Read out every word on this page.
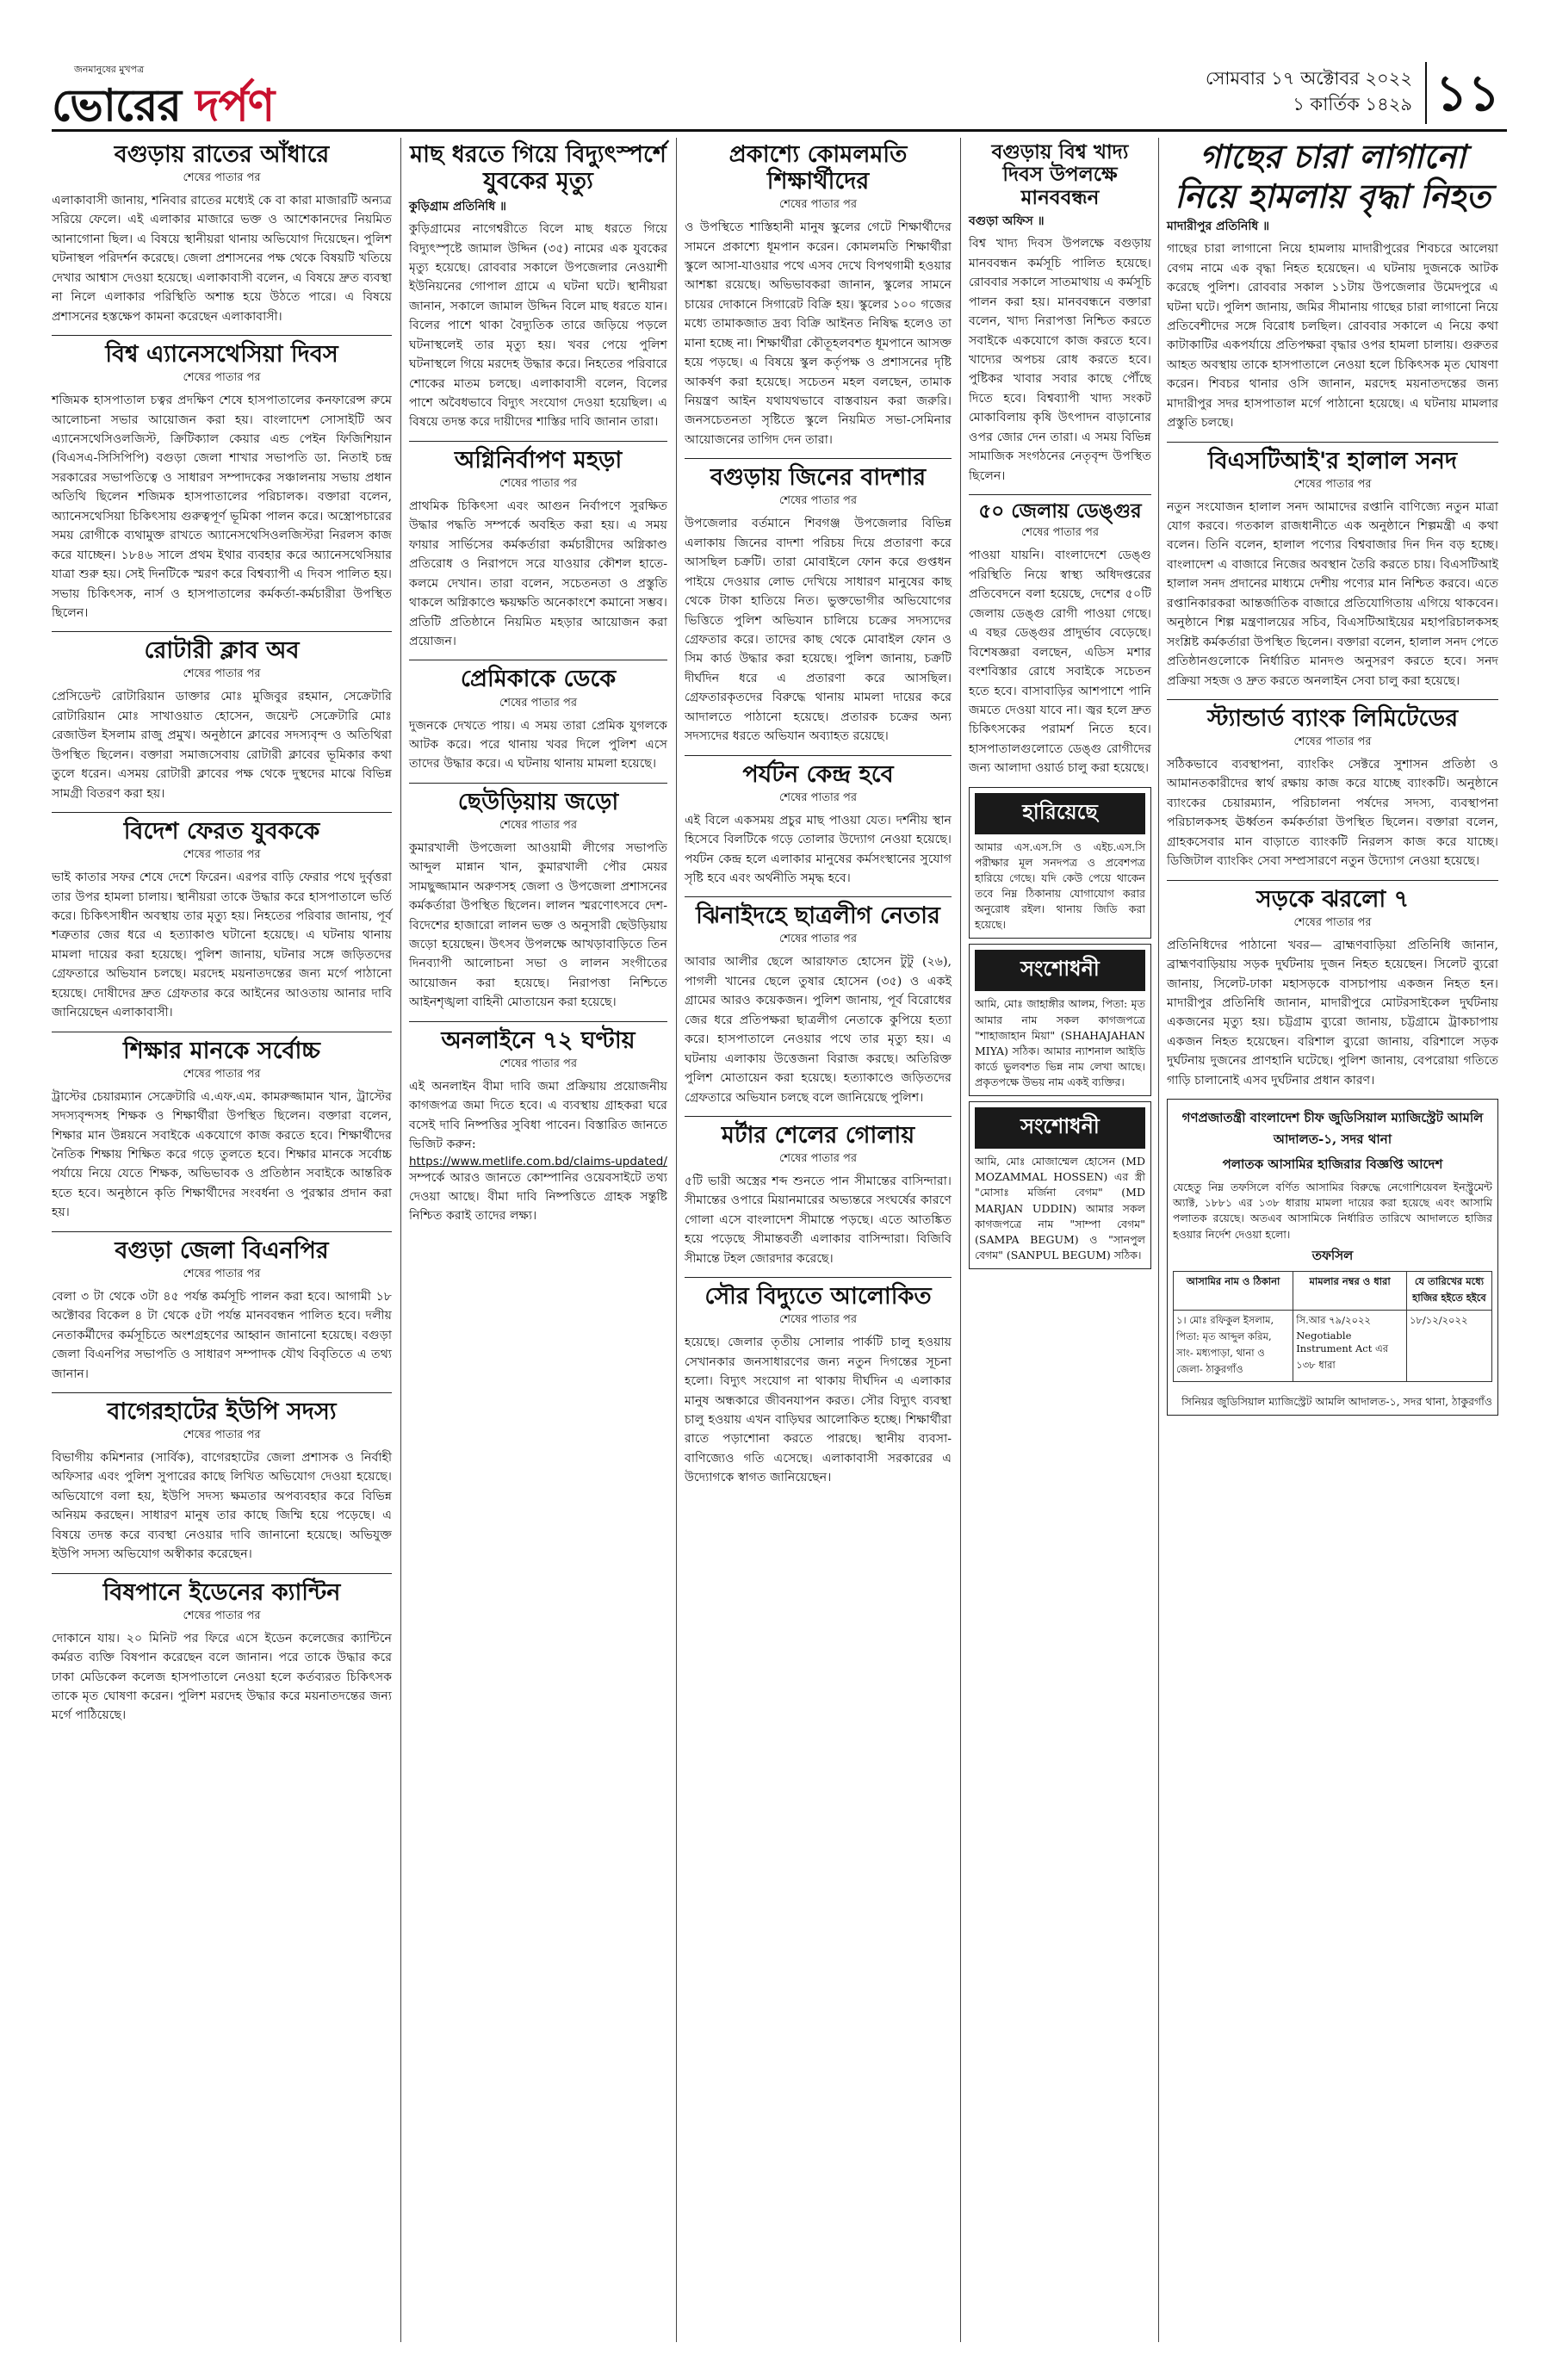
জনমানুষের মুখপত্র
ভোরের দর্পণ
সোমবার ১৭ অক্টোবর ২০২২
১ কার্তিক ১৪২৯ ১১
বগুড়ায় রাতের আঁধারে
শেষের পাতার পর

এলাকাবাসী জানায়, শনিবার রাতের মধ্যেই কে বা কারা মাজারটি অন্যত্র সরিয়ে ফেলে। এই এলাকার মাজারে ভক্ত ও আশেকানদের নিয়মিত আনাগোনা ছিল। এ বিষয়ে স্থানীয়রা থানায় অভিযোগ দিয়েছেন। পুলিশ ঘটনাস্থল পরিদর্শন করেছে। জেলা প্রশাসনের পক্ষ থেকে বিষয়টি খতিয়ে দেখার আশ্বাস দেওয়া হয়েছে। এলাকাবাসী বলেন, এ বিষয়ে দ্রুত ব্যবস্থা না নিলে এলাকার পরিস্থিতি অশান্ত হয়ে উঠতে পারে। এ বিষয়ে প্রশাসনের হস্তক্ষেপ কামনা করেছেন এলাকাবাসী।

বিশ্ব এ্যানেসথেসিয়া দিবস
শেষের পাতার পর

শজিমক হাসপাতাল চত্বর প্রদক্ষিণ শেষে হাসপাতালের কনফারেন্স রুমে আলোচনা সভার আয়োজন করা হয়। বাংলাদেশ সোসাইটি অব এ্যানেসথেসিওলজিস্ট, ক্রিটিক্যাল কেয়ার এন্ড পেইন ফিজিশিয়ান (বিএসএ-সিসিপিপি) বগুড়া জেলা শাখার সভাপতি ডা. নিতাই চন্দ্র সরকারের সভাপতিত্বে ও সাধারণ সম্পাদকের সঞ্চালনায় সভায় প্রধান অতিথি ছিলেন শজিমক হাসপাতালের পরিচালক। বক্তারা বলেন, অ্যানেসথেসিয়া চিকিৎসায় গুরুত্বপূর্ণ ভূমিকা পালন করে। অস্ত্রোপচারের সময় রোগীকে ব্যথামুক্ত রাখতে অ্যানেসথেসিওলজিস্টরা নিরলস কাজ করে যাচ্ছেন। ১৮৪৬ সালে প্রথম ইথার ব্যবহার করে অ্যানেসথেসিয়ার যাত্রা শুরু হয়। সেই দিনটিকে স্মরণ করে বিশ্বব্যাপী এ দিবস পালিত হয়। সভায় চিকিৎসক, নার্স ও হাসপাতালের কর্মকর্তা-কর্মচারীরা উপস্থিত ছিলেন।

রোটারী ক্লাব অব
শেষের পাতার পর

প্রেসিডেন্ট রোটারিয়ান ডাক্তার মোঃ মুজিবুর রহমান, সেক্রেটারি রোটারিয়ান মোঃ সাখাওয়াত হোসেন, জয়েন্ট সেক্রেটারি মোঃ রেজাউল ইসলাম রাজু প্রমুখ। অনুষ্ঠানে ক্লাবের সদস্যবৃন্দ ও অতিথিরা উপস্থিত ছিলেন। বক্তারা সমাজসেবায় রোটারী ক্লাবের ভূমিকার কথা তুলে ধরেন। এসময় রোটারী ক্লাবের পক্ষ থেকে দুস্থদের মাঝে বিভিন্ন সামগ্রী বিতরণ করা হয়।

বিদেশ ফেরত যুবককে
শেষের পাতার পর

ভাই কাতার সফর শেষে দেশে ফিরেন। এরপর বাড়ি ফেরার পথে দুর্বৃত্তরা তার উপর হামলা চালায়। স্থানীয়রা তাকে উদ্ধার করে হাসপাতালে ভর্তি করে। চিকিৎসাধীন অবস্থায় তার মৃত্যু হয়। নিহতের পরিবার জানায়, পূর্ব শত্রুতার জের ধরে এ হত্যাকাণ্ড ঘটানো হয়েছে। এ ঘটনায় থানায় মামলা দায়ের করা হয়েছে। পুলিশ জানায়, ঘটনার সঙ্গে জড়িতদের গ্রেফতারে অভিযান চলছে। মরদেহ ময়নাতদন্তের জন্য মর্গে পাঠানো হয়েছে। দোষীদের দ্রুত গ্রেফতার করে আইনের আওতায় আনার দাবি জানিয়েছেন এলাকাবাসী।

শিক্ষার মানকে সর্বোচ্চ
শেষের পাতার পর

ট্রাস্টের চেয়ারম্যান সেক্রেটারি এ.এফ.এম. কামরুজ্জামান খান, ট্রাস্টের সদস্যবৃন্দসহ শিক্ষক ও শিক্ষার্থীরা উপস্থিত ছিলেন। বক্তারা বলেন, শিক্ষার মান উন্নয়নে সবাইকে একযোগে কাজ করতে হবে। শিক্ষার্থীদের নৈতিক শিক্ষায় শিক্ষিত করে গড়ে তুলতে হবে। শিক্ষার মানকে সর্বোচ্চ পর্যায়ে নিয়ে যেতে শিক্ষক, অভিভাবক ও প্রতিষ্ঠান সবাইকে আন্তরিক হতে হবে। অনুষ্ঠানে কৃতি শিক্ষার্থীদের সংবর্ধনা ও পুরস্কার প্রদান করা হয়।

বগুড়া জেলা বিএনপির
শেষের পাতার পর

বেলা ৩ টা থেকে ৩টা ৪৫ পর্যন্ত কর্মসূচি পালন করা হবে। আগামী ১৮ অক্টোবর বিকেল ৪ টা থেকে ৫টা পর্যন্ত মানববন্ধন পালিত হবে। দলীয় নেতাকর্মীদের কর্মসূচিতে অংশগ্রহণের আহ্বান জানানো হয়েছে। বগুড়া জেলা বিএনপির সভাপতি ও সাধারণ সম্পাদক যৌথ বিবৃতিতে এ তথ্য জানান।

বাগেরহাটের ইউপি সদস্য
শেষের পাতার পর

বিভাগীয় কমিশনার (সার্বিক), বাগেরহাটের জেলা প্রশাসক ও নির্বাহী অফিসার এবং পুলিশ সুপারের কাছে লিখিত অভিযোগ দেওয়া হয়েছে। অভিযোগে বলা হয়, ইউপি সদস্য ক্ষমতার অপব্যবহার করে বিভিন্ন অনিয়ম করছেন। সাধারণ মানুষ তার কাছে জিম্মি হয়ে পড়েছে। এ বিষয়ে তদন্ত করে ব্যবস্থা নেওয়ার দাবি জানানো হয়েছে। অভিযুক্ত ইউপি সদস্য অভিযোগ অস্বীকার করেছেন।

বিষপানে ইডেনের ক্যান্টিন
শেষের পাতার পর

দোকানে যায়। ২০ মিনিট পর ফিরে এসে ইডেন কলেজের ক্যান্টিনে কর্মরত ব্যক্তি বিষপান করেছেন বলে জানান। পরে তাকে উদ্ধার করে ঢাকা মেডিকেল কলেজ হাসপাতালে নেওয়া হলে কর্তব্যরত চিকিৎসক তাকে মৃত ঘোষণা করেন। পুলিশ মরদেহ উদ্ধার করে ময়নাতদন্তের জন্য মর্গে পাঠিয়েছে।

মাছ ধরতে গিয়ে বিদ্যুৎস্পর্শে যুবকের মৃত্যু
কুড়িগ্রাম প্রতিনিধি ॥

কুড়িগ্রামের নাগেশ্বরীতে বিলে মাছ ধরতে গিয়ে বিদ্যুৎস্পৃষ্টে জামাল উদ্দিন (৩৫) নামের এক যুবকের মৃত্যু হয়েছে। রোববার সকালে উপজেলার নেওয়াশী ইউনিয়নের গোপাল গ্রামে এ ঘটনা ঘটে। স্থানীয়রা জানান, সকালে জামাল উদ্দিন বিলে মাছ ধরতে যান। বিলের পাশে থাকা বৈদ্যুতিক তারে জড়িয়ে পড়লে ঘটনাস্থলেই তার মৃত্যু হয়। খবর পেয়ে পুলিশ ঘটনাস্থলে গিয়ে মরদেহ উদ্ধার করে। নিহতের পরিবারে শোকের মাতম চলছে। এলাকাবাসী বলেন, বিলের পাশে অবৈধভাবে বিদ্যুৎ সংযোগ দেওয়া হয়েছিল। এ বিষয়ে তদন্ত করে দায়ীদের শাস্তির দাবি জানান তারা।

অগ্নিনির্বাপণ মহড়া
শেষের পাতার পর

প্রাথমিক চিকিৎসা এবং আগুন নির্বাপণে সুরক্ষিত উদ্ধার পদ্ধতি সম্পর্কে অবহিত করা হয়। এ সময় ফায়ার সার্ভিসের কর্মকর্তারা কর্মচারীদের অগ্নিকাণ্ড প্রতিরোধ ও নিরাপদে সরে যাওয়ার কৌশল হাতে-কলমে দেখান। তারা বলেন, সচেতনতা ও প্রস্তুতি থাকলে অগ্নিকাণ্ডে ক্ষয়ক্ষতি অনেকাংশে কমানো সম্ভব। প্রতিটি প্রতিষ্ঠানে নিয়মিত মহড়ার আয়োজন করা প্রয়োজন।

প্রেমিকাকে ডেকে
শেষের পাতার পর

দুজনকে দেখতে পায়। এ সময় তারা প্রেমিক যুগলকে আটক করে। পরে থানায় খবর দিলে পুলিশ এসে তাদের উদ্ধার করে। এ ঘটনায় থানায় মামলা হয়েছে।

ছেউড়িয়ায় জড়ো
শেষের পাতার পর

কুমারখালী উপজেলা আওয়ামী লীগের সভাপতি আব্দুল মান্নান খান, কুমারখালী পৌর মেয়র সামছুজ্জামান অরুণসহ জেলা ও উপজেলা প্রশাসনের কর্মকর্তারা উপস্থিত ছিলেন। লালন স্মরণোৎসবে দেশ-বিদেশের হাজারো লালন ভক্ত ও অনুসারী ছেউড়িয়ায় জড়ো হয়েছেন। উৎসব উপলক্ষে আখড়াবাড়িতে তিন দিনব্যাপী আলোচনা সভা ও লালন সংগীতের আয়োজন করা হয়েছে। নিরাপত্তা নিশ্চিতে আইনশৃঙ্খলা বাহিনী মোতায়েন করা হয়েছে।

অনলাইনে ৭২ ঘণ্টায়
শেষের পাতার পর

এই অনলাইন বীমা দাবি জমা প্রক্রিয়ায় প্রয়োজনীয় কাগজপত্র জমা দিতে হবে। এ ব্যবস্থায় গ্রাহকরা ঘরে বসেই দাবি নিষ্পত্তির সুবিধা পাবেন। বিস্তারিত জানতে ভিজিট করুন:

https://www.metlife.com.bd/claims-updated/

সম্পর্কে আরও জানতে কোম্পানির ওয়েবসাইটে তথ্য দেওয়া আছে। বীমা দাবি নিষ্পত্তিতে গ্রাহক সন্তুষ্টি নিশ্চিত করাই তাদের লক্ষ্য।

প্রকাশ্যে কোমলমতি শিক্ষার্থীদের
শেষের পাতার পর

ও উপস্থিতে শাস্তিহানী মানুষ স্কুলের গেটে শিক্ষার্থীদের সামনে প্রকাশ্যে ধূমপান করেন। কোমলমতি শিক্ষার্থীরা স্কুলে আসা-যাওয়ার পথে এসব দেখে বিপথগামী হওয়ার আশঙ্কা রয়েছে। অভিভাবকরা জানান, স্কুলের সামনে চায়ের দোকানে সিগারেট বিক্রি হয়। স্কুলের ১০০ গজের মধ্যে তামাকজাত দ্রব্য বিক্রি আইনত নিষিদ্ধ হলেও তা মানা হচ্ছে না। শিক্ষার্থীরা কৌতূহলবশত ধূমপানে আসক্ত হয়ে পড়ছে। এ বিষয়ে স্কুল কর্তৃপক্ষ ও প্রশাসনের দৃষ্টি আকর্ষণ করা হয়েছে। সচেতন মহল বলছেন, তামাক নিয়ন্ত্রণ আইন যথাযথভাবে বাস্তবায়ন করা জরুরি। জনসচেতনতা সৃষ্টিতে স্কুলে নিয়মিত সভা-সেমিনার আয়োজনের তাগিদ দেন তারা।

বগুড়ায় জিনের বাদশার
শেষের পাতার পর

উপজেলার বর্তমানে শিবগঞ্জ উপজেলার বিভিন্ন এলাকায় জিনের বাদশা পরিচয় দিয়ে প্রতারণা করে আসছিল চক্রটি। তারা মোবাইলে ফোন করে গুপ্তধন পাইয়ে দেওয়ার লোভ দেখিয়ে সাধারণ মানুষের কাছ থেকে টাকা হাতিয়ে নিত। ভুক্তভোগীর অভিযোগের ভিত্তিতে পুলিশ অভিযান চালিয়ে চক্রের সদস্যদের গ্রেফতার করে। তাদের কাছ থেকে মোবাইল ফোন ও সিম কার্ড উদ্ধার করা হয়েছে। পুলিশ জানায়, চক্রটি দীর্ঘদিন ধরে এ প্রতারণা করে আসছিল। গ্রেফতারকৃতদের বিরুদ্ধে থানায় মামলা দায়ের করে আদালতে পাঠানো হয়েছে। প্রতারক চক্রের অন্য সদস্যদের ধরতে অভিযান অব্যাহত রয়েছে।

পর্যটন কেন্দ্র হবে
শেষের পাতার পর

এই বিলে একসময় প্রচুর মাছ পাওয়া যেত। দর্শনীয় স্থান হিসেবে বিলটিকে গড়ে তোলার উদ্যোগ নেওয়া হয়েছে। পর্যটন কেন্দ্র হলে এলাকার মানুষের কর্মসংস্থানের সুযোগ সৃষ্টি হবে এবং অর্থনীতি সমৃদ্ধ হবে।

ঝিনাইদহে ছাত্রলীগ নেতার
শেষের পাতার পর

আবার আলীর ছেলে আরাফাত হোসেন টুটু (২৬), পাগলী খানের ছেলে তুষার হোসেন (৩৫) ও একই গ্রামের আরও কয়েকজন। পুলিশ জানায়, পূর্ব বিরোধের জের ধরে প্রতিপক্ষরা ছাত্রলীগ নেতাকে কুপিয়ে হত্যা করে। হাসপাতালে নেওয়ার পথে তার মৃত্যু হয়। এ ঘটনায় এলাকায় উত্তেজনা বিরাজ করছে। অতিরিক্ত পুলিশ মোতায়েন করা হয়েছে। হত্যাকাণ্ডে জড়িতদের গ্রেফতারে অভিযান চলছে বলে জানিয়েছে পুলিশ।

মর্টার শেলের গোলায়
শেষের পাতার পর

৫টি ভারী অস্ত্রের শব্দ শুনতে পান সীমান্তের বাসিন্দারা। সীমান্তের ওপারে মিয়ানমারের অভ্যন্তরে সংঘর্ষের কারণে গোলা এসে বাংলাদেশ সীমান্তে পড়ছে। এতে আতঙ্কিত হয়ে পড়েছে সীমান্তবর্তী এলাকার বাসিন্দারা। বিজিবি সীমান্তে টহল জোরদার করেছে।

সৌর বিদ্যুতে আলোকিত
শেষের পাতার পর

হয়েছে। জেলার তৃতীয় সোলার পার্কটি চালু হওয়ায় সেখানকার জনসাধারণের জন্য নতুন দিগন্তের সূচনা হলো। বিদ্যুৎ সংযোগ না থাকায় দীর্ঘদিন এ এলাকার মানুষ অন্ধকারে জীবনযাপন করত। সৌর বিদ্যুৎ ব্যবস্থা চালু হওয়ায় এখন বাড়িঘর আলোকিত হচ্ছে। শিক্ষার্থীরা রাতে পড়াশোনা করতে পারছে। স্থানীয় ব্যবসা-বাণিজ্যেও গতি এসেছে। এলাকাবাসী সরকারের এ উদ্যোগকে স্বাগত জানিয়েছেন।

বগুড়ায় বিশ্ব খাদ্য দিবস উপলক্ষে মানববন্ধন
বগুড়া অফিস ॥

বিশ্ব খাদ্য দিবস উপলক্ষে বগুড়ায় মানববন্ধন কর্মসূচি পালিত হয়েছে। রোববার সকালে সাতমাথায় এ কর্মসূচি পালন করা হয়। মানববন্ধনে বক্তারা বলেন, খাদ্য নিরাপত্তা নিশ্চিত করতে সবাইকে একযোগে কাজ করতে হবে। খাদ্যের অপচয় রোধ করতে হবে। পুষ্টিকর খাবার সবার কাছে পৌঁছে দিতে হবে। বিশ্বব্যাপী খাদ্য সংকট মোকাবিলায় কৃষি উৎপাদন বাড়ানোর ওপর জোর দেন তারা। এ সময় বিভিন্ন সামাজিক সংগঠনের নেতৃবৃন্দ উপস্থিত ছিলেন।

৫০ জেলায় ডেঙ্গুর
শেষের পাতার পর

পাওয়া যায়নি। বাংলাদেশে ডেঙ্গু পরিস্থিতি নিয়ে স্বাস্থ্য অধিদপ্তরের প্রতিবেদনে বলা হয়েছে, দেশের ৫০টি জেলায় ডেঙ্গু রোগী পাওয়া গেছে। এ বছর ডেঙ্গুর প্রাদুর্ভাব বেড়েছে। বিশেষজ্ঞরা বলছেন, এডিস মশার বংশবিস্তার রোধে সবাইকে সচেতন হতে হবে। বাসাবাড়ির আশপাশে পানি জমতে দেওয়া যাবে না। জ্বর হলে দ্রুত চিকিৎসকের পরামর্শ নিতে হবে। হাসপাতালগুলোতে ডেঙ্গু রোগীদের জন্য আলাদা ওয়ার্ড চালু করা হয়েছে।

হারিয়েছে

আমার এস.এস.সি ও এইচ.এস.সি পরীক্ষার মূল সনদপত্র ও প্রবেশপত্র হারিয়ে গেছে। যদি কেউ পেয়ে থাকেন তবে নিম্ন ঠিকানায় যোগাযোগ করার অনুরোধ রইল। থানায় জিডি করা হয়েছে।

সংশোধনী

আমি, মোঃ জাহাঙ্গীর আলম, পিতা: মৃত আমার নাম সকল কাগজপত্রে "শাহাজাহান মিয়া" (SHAHAJAHAN MIYA) সঠিক। আমার ন্যাশনাল আইডি কার্ডে ভুলবশত ভিন্ন নাম লেখা আছে। প্রকৃতপক্ষে উভয় নাম একই ব্যক্তির।

সংশোধনী

আমি, মোঃ মোজাম্মেল হোসেন (MD MOZAMMAL HOSSEN) এর স্ত্রী "মোসাঃ মর্জিনা বেগম" (MD MARJAN UDDIN) আমার সকল কাগজপত্রে নাম "সাম্পা বেগম" (SAMPA BEGUM) ও "সানপুল বেগম" (SANPUL BEGUM) সঠিক।

গাছের চারা লাগানো নিয়ে হামলায় বৃদ্ধা নিহত
মাদারীপুর প্রতিনিধি ॥

গাছের চারা লাগানো নিয়ে হামলায় মাদারীপুরের শিবচরে আলেয়া বেগম নামে এক বৃদ্ধা নিহত হয়েছেন। এ ঘটনায় দুজনকে আটক করেছে পুলিশ। রোববার সকাল ১১টায় উপজেলার উমেদপুরে এ ঘটনা ঘটে। পুলিশ জানায়, জমির সীমানায় গাছের চারা লাগানো নিয়ে প্রতিবেশীদের সঙ্গে বিরোধ চলছিল। রোববার সকালে এ নিয়ে কথা কাটাকাটির একপর্যায়ে প্রতিপক্ষরা বৃদ্ধার ওপর হামলা চালায়। গুরুতর আহত অবস্থায় তাকে হাসপাতালে নেওয়া হলে চিকিৎসক মৃত ঘোষণা করেন। শিবচর থানার ওসি জানান, মরদেহ ময়নাতদন্তের জন্য মাদারীপুর সদর হাসপাতাল মর্গে পাঠানো হয়েছে। এ ঘটনায় মামলার প্রস্তুতি চলছে।

বিএসটিআই'র হালাল সনদ
শেষের পাতার পর

নতুন সংযোজন হালাল সনদ আমাদের রপ্তানি বাণিজ্যে নতুন মাত্রা যোগ করবে। গতকাল রাজধানীতে এক অনুষ্ঠানে শিল্পমন্ত্রী এ কথা বলেন। তিনি বলেন, হালাল পণ্যের বিশ্ববাজার দিন দিন বড় হচ্ছে। বাংলাদেশ এ বাজারে নিজের অবস্থান তৈরি করতে চায়। বিএসটিআই হালাল সনদ প্রদানের মাধ্যমে দেশীয় পণ্যের মান নিশ্চিত করবে। এতে রপ্তানিকারকরা আন্তর্জাতিক বাজারে প্রতিযোগিতায় এগিয়ে থাকবেন। অনুষ্ঠানে শিল্প মন্ত্রণালয়ের সচিব, বিএসটিআইয়ের মহাপরিচালকসহ সংশ্লিষ্ট কর্মকর্তারা উপস্থিত ছিলেন। বক্তারা বলেন, হালাল সনদ পেতে প্রতিষ্ঠানগুলোকে নির্ধারিত মানদণ্ড অনুসরণ করতে হবে। সনদ প্রক্রিয়া সহজ ও দ্রুত করতে অনলাইন সেবা চালু করা হয়েছে।

স্ট্যান্ডার্ড ব্যাংক লিমিটেডের
শেষের পাতার পর

সঠিকভাবে ব্যবস্থাপনা, ব্যাংকিং সেক্টরে সুশাসন প্রতিষ্ঠা ও আমানতকারীদের স্বার্থ রক্ষায় কাজ করে যাচ্ছে ব্যাংকটি। অনুষ্ঠানে ব্যাংকের চেয়ারম্যান, পরিচালনা পর্ষদের সদস্য, ব্যবস্থাপনা পরিচালকসহ ঊর্ধ্বতন কর্মকর্তারা উপস্থিত ছিলেন। বক্তারা বলেন, গ্রাহকসেবার মান বাড়াতে ব্যাংকটি নিরলস কাজ করে যাচ্ছে। ডিজিটাল ব্যাংকিং সেবা সম্প্রসারণে নতুন উদ্যোগ নেওয়া হয়েছে।

সড়কে ঝরলো ৭
শেষের পাতার পর

প্রতিনিধিদের পাঠানো খবর— ব্রাহ্মণবাড়িয়া প্রতিনিধি জানান, ব্রাহ্মণবাড়িয়ায় সড়ক দুর্ঘটনায় দুজন নিহত হয়েছেন। সিলেট ব্যুরো জানায়, সিলেট-ঢাকা মহাসড়কে বাসচাপায় একজন নিহত হন। মাদারীপুর প্রতিনিধি জানান, মাদারীপুরে মোটরসাইকেল দুর্ঘটনায় একজনের মৃত্যু হয়। চট্টগ্রাম ব্যুরো জানায়, চট্টগ্রামে ট্রাকচাপায় একজন নিহত হয়েছেন। বরিশাল ব্যুরো জানায়, বরিশালে সড়ক দুর্ঘটনায় দুজনের প্রাণহানি ঘটেছে। পুলিশ জানায়, বেপরোয়া গতিতে গাড়ি চালানোই এসব দুর্ঘটনার প্রধান কারণ।

গণপ্রজাতন্ত্রী বাংলাদেশ চীফ জুডিসিয়াল ম্যাজিস্ট্রেট আমলি আদালত-১, সদর থানা
পলাতক আসামির হাজিরার বিজ্ঞপ্তি আদেশ

যেহেতু নিম্ন তফসিলে বর্ণিত আসামির বিরুদ্ধে নেগোশিয়েবল ইনস্ট্রুমেন্ট অ্যাক্ট, ১৮৮১ এর ১৩৮ ধারায় মামলা দায়ের করা হয়েছে এবং আসামি পলাতক রয়েছে। অতএব আসামিকে নির্ধারিত তারিখে আদালতে হাজির হওয়ার নির্দেশ দেওয়া হলো।

তফসিল
আসামির নাম ও ঠিকানা	মামলার নম্বর ও ধারা	যে তারিখের মধ্যে হাজির হইতে হইবে
১। মোঃ রফিকুল ইসলাম, পিতা: মৃত আব্দুল করিম, সাং- মধ্যপাড়া, থানা ও জেলা- ঠাকুরগাঁও	সি.আর ৭৯/২০২২ Negotiable Instrument Act এর ১৩৮ ধারা	১৮/১২/২০২২

সিনিয়র জুডিসিয়াল ম্যাজিস্ট্রেট আমলি আদালত-১, সদর থানা, ঠাকুরগাঁও
